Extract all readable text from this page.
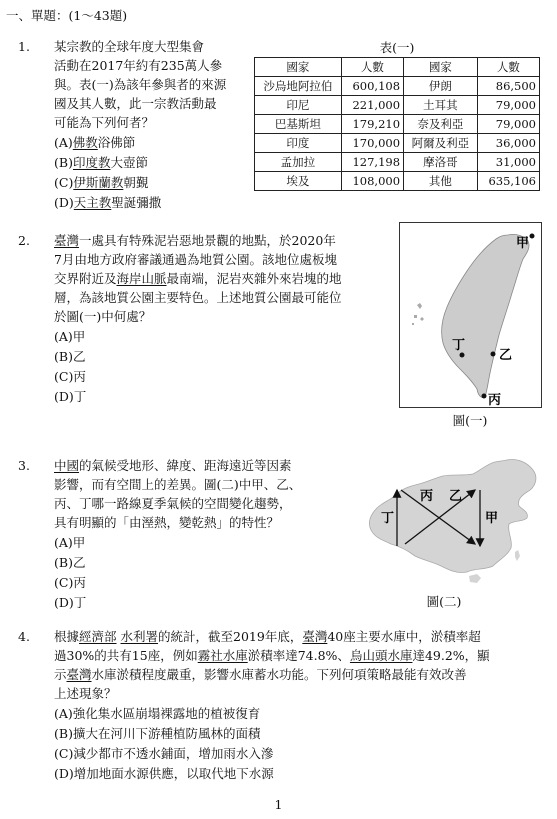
一、單題：(1～43題)
1. 某宗教的全球年度大型集會
活動在2017年約有235萬人參
與。表(一)為該年參與者的來源
國及其人數，此一宗教活動最
可能為下列何者？
(A)佛教浴佛節
(B)印度教大壺節
(C)伊斯蘭教朝覲
(D)天主教聖誕彌撒
表(一)
國家	人數	國家	人數
沙烏地阿拉伯	600,108	伊朗	86,500
印尼	221,000	土耳其	79,000
巴基斯坦	179,210	奈及利亞	79,000
印度	170,000	阿爾及利亞	36,000
孟加拉	127,198	摩洛哥	31,000
埃及	108,000	其他	635,106
2. 臺灣一處具有特殊泥岩惡地景觀的地點，於2020年
7月由地方政府審議通過為地質公園。該地位處板塊
交界附近及海岸山脈最南端，泥岩夾雜外來岩塊的地
層，為該地質公園主要特色。上述地質公園最可能位
於圖(一)中何處？
(A)甲
(B)乙
(C)丙
(D)丁
甲
乙
丙
丁
圖(一)
3. 中國的氣候受地形、緯度、距海遠近等因素
影響，而有空間上的差異。圖(二)中甲、乙、
丙、丁哪一路線夏季氣候的空間變化趨勢，
具有明顯的「由溼熱，變乾熱」的特性？
(A)甲
(B)乙
(C)丙
(D)丁
丙 乙
丁	甲
圖(二)
4. 根據經濟部 水利署的統計，截至2019年底，臺灣40座主要水庫中，淤積率超
過30%的共有15座，例如霧社水庫淤積率達74.8%、烏山頭水庫達49.2%，顯
示臺灣水庫淤積程度嚴重，影響水庫蓄水功能。下列何項策略最能有效改善
上述現象？
(A)強化集水區崩塌裸露地的植被復育
(B)擴大在河川下游種植防風林的面積
(C)減少都市不透水鋪面，增加雨水入滲
(D)增加地面水源供應，以取代地下水源
1
